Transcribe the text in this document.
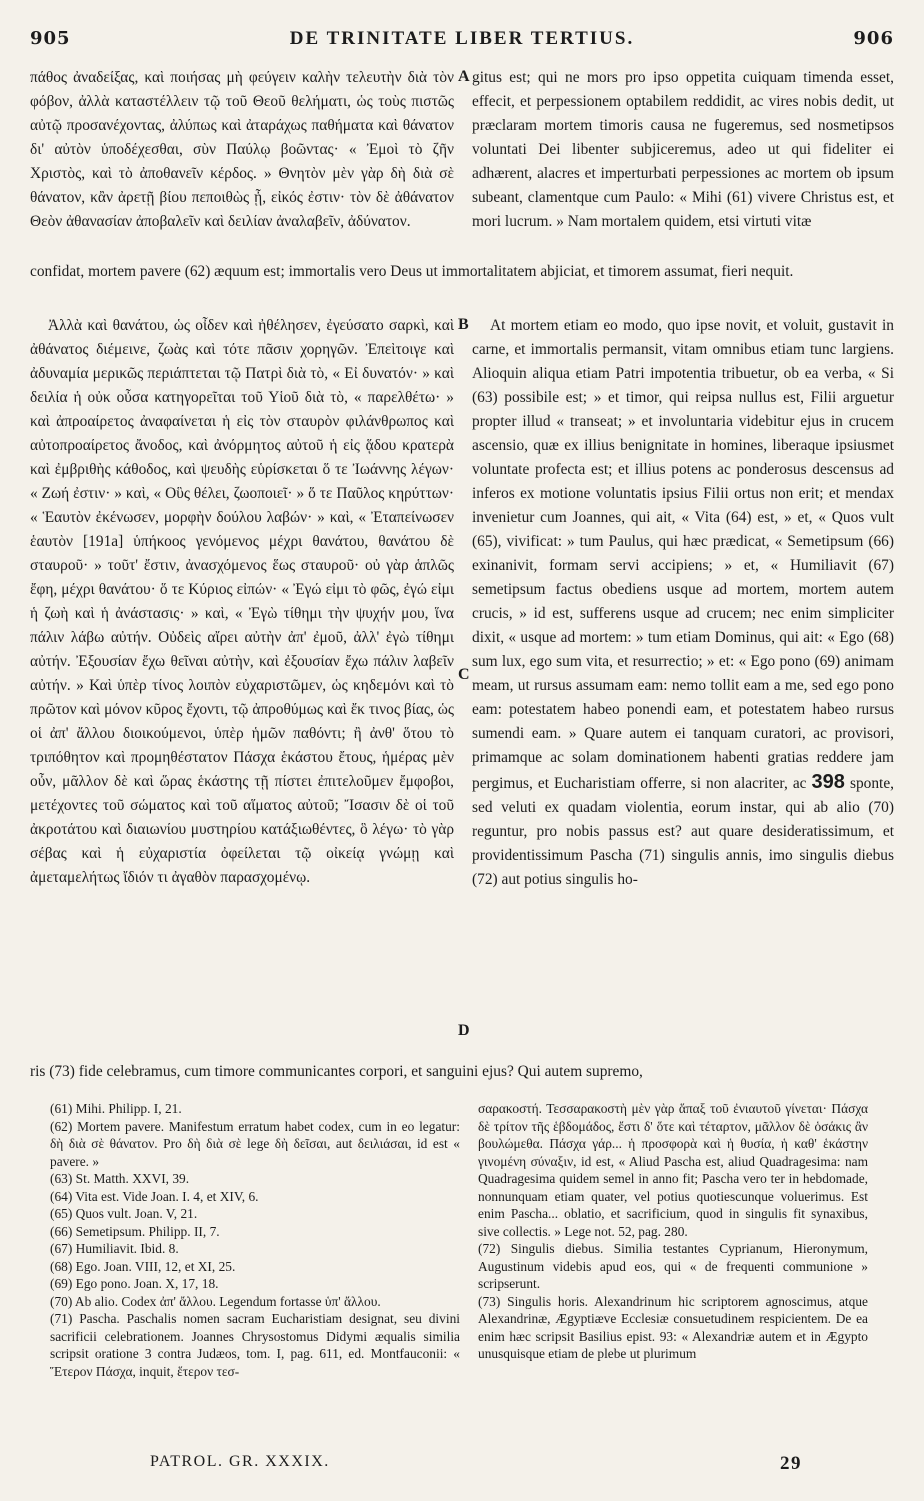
905	DE TRINITATE LIBER TERTIUS.	906

πάθος ἀναδείξας, καὶ ποιήσας μὴ φεύγειν καλὴν τελευτὴν διὰ τὸν φόβον, ἀλλὰ καταστέλλειν τῷ τοῦ Θεοῦ θελήματι, ὡς τοὺς πιστῶς αὐτῷ προσανέχοντας, ἀλύπως καὶ ἀταράχως παθήματα καὶ θάνατον δι' αὐτὸν ὑποδέχεσθαι, σὺν Παύλῳ βοῶντας· « Ἐμοὶ τὸ ζῆν Χριστὸς, καὶ τὸ ἀποθανεῖν κέρδος. » Θνητὸν μὲν γὰρ δὴ διὰ σὲ θάνατον, κἂν ἀρετῇ βίου πεποιθὼς ᾖ, εἰκός ἐστιν· τὸν δὲ ἀθάνατον Θεὸν ἀθανασίαν ἀποβαλεῖν καὶ δειλίαν ἀναλαβεῖν, ἀδύνατον.

gitus est; qui ne mors pro ipso oppetita cuiquam timenda esset, effecit, et perpessionem optabilem reddidit, ac vires nobis dedit, ut præclaram mortem timoris causa ne fugeremus, sed nosmetipsos voluntati Dei libenter subjiceremus, adeo ut qui fideliter ei adhærent, alacres et imperturbati perpessiones ac mortem ob ipsum subeant, clamentque cum Paulo: « Mihi (61) vivere Christus est, et mori lucrum. » Nam mortalem quidem, etsi virtuti vitæ

A

confidat, mortem pavere (62) æquum est; immortalis vero Deus ut immortalitatem abjiciat, et timorem assumat, fieri nequit.

Ἀλλὰ καὶ θανάτου, ὡς οἶδεν καὶ ἠθέλησεν, ἐγεύσατο σαρκὶ, καὶ ἀθάνατος διέμεινε, ζωὰς καὶ τότε πᾶσιν χορηγῶν. Ἐπεὶτοιγε καὶ ἀδυναμία μερικῶς περιάπτεται τῷ Πατρὶ διὰ τὸ, « Εἰ δυνατόν· » καὶ δειλία ἡ οὐκ οὖσα κατηγορεῖται τοῦ Υἱοῦ διὰ τὸ, « παρελθέτω· » καὶ ἀπροαίρετος ἀναφαίνεται ἡ εἰς τὸν σταυρὸν φιλάνθρωπος καὶ αὐτοπροαίρετος ἄνοδος, καὶ ἀνόρμητος αὐτοῦ ἡ εἰς ᾅδου κρατερὰ καὶ ἐμβριθὴς κάθοδος, καὶ ψευδὴς εὑρίσκεται ὅ τε Ἰωάννης λέγων· « Ζωή ἐστιν· » καὶ, « Οὓς θέλει, ζωοποιεῖ· » ὅ τε Παῦλος κηρύττων· « Ἑαυτὸν ἐκένωσεν, μορφὴν δούλου λαβών· » καὶ, « Ἐταπείνωσεν ἑαυτὸν [191a] ὑπήκοος γενόμενος μέχρι θανάτου, θανάτου δὲ σταυροῦ· » τοῦτ' ἔστιν, ἀνασχόμενος ἕως σταυροῦ· οὐ γὰρ ἁπλῶς ἔφη, μέχρι θανάτου· ὅ τε Κύριος εἰπών· « Ἐγώ εἰμι τὸ φῶς, ἐγώ εἰμι ἡ ζωὴ καὶ ἡ ἀνάστασις· » καὶ, « Ἐγὼ τίθημι τὴν ψυχήν μου, ἵνα πάλιν λάβω αὐτήν. Οὐδεὶς αἴρει αὐτὴν ἀπ' ἐμοῦ, ἀλλ' ἐγὼ τίθημι αὐτήν. Ἐξουσίαν ἔχω θεῖναι αὐτὴν, καὶ ἐξουσίαν ἔχω πάλιν λαβεῖν αὐτήν. » Καὶ ὑπὲρ τίνος λοιπὸν εὐχαριστῶμεν, ὡς κηδεμόνι καὶ τὸ πρῶτον καὶ μόνον κῦρος ἔχοντι, τῷ ἀπροθύμως καὶ ἔκ τινος βίας, ὡς οἱ ἀπ' ἄλλου διοικούμενοι, ὑπὲρ ἡμῶν παθόντι; ἢ ἀνθ' ὅτου τὸ τριπόθητον καὶ προμηθέστατον Πάσχα ἑκάστου ἔτους, ἡμέρας μὲν οὖν, μᾶλλον δὲ καὶ ὥρας ἑκάστης τῇ πίστει ἐπιτελοῦμεν ἔμφοβοι, μετέχοντες τοῦ σώματος καὶ τοῦ αἵματος αὐτοῦ; Ἴσασιν δὲ οἱ τοῦ ἀκροτάτου καὶ διαιωνίου μυστηρίου κατάξιωθέντες, ὃ λέγω· τὸ γὰρ σέβας καὶ ἡ εὐχαριστία ὀφείλεται τῷ οἰκείᾳ γνώμῃ καὶ ἀμεταμελήτως ἴδιόν τι ἀγαθὸν παρασχομένῳ.

At mortem etiam eo modo, quo ipse novit, et voluit, gustavit in carne, et immortalis permansit, vitam omnibus etiam tunc largiens. Alioquin aliqua etiam Patri impotentia tribuetur, ob ea verba, « Si (63) possibile est; » et timor, qui reipsa nullus est, Filii arguetur propter illud « transeat; » et involuntaria videbitur ejus in crucem ascensio, quæ ex illius benignitate in homines, liberaque ipsiusmet voluntate profecta est; et illius potens ac ponderosus descensus ad inferos ex motione voluntatis ipsius Filii ortus non erit; et mendax invenietur cum Joannes, qui ait, « Vita (64) est, » et, « Quos vult (65), vivificat: » tum Paulus, qui hæc prædicat, « Semetipsum (66) exinanivit, formam servi accipiens; » et, « Humiliavit (67) semetipsum factus obediens usque ad mortem, mortem autem crucis, » id est, sufferens usque ad crucem; nec enim simpliciter dixit, « usque ad mortem: » tum etiam Dominus, qui ait: « Ego (68) sum lux, ego sum vita, et resurrectio; » et: « Ego pono (69) animam meam, ut rursus assumam eam: nemo tollit eam a me, sed ego pono eam: potestatem habeo ponendi eam, et potestatem habeo rursus sumendi eam. » Quare autem ei tanquam curatori, ac provisori, primamque ac solam dominationem habenti gratias reddere jam pergimus, et Eucharistiam offerre, si non alacriter, ac 398 sponte, sed veluti ex quadam violentia, eorum instar, qui ab alio (70) reguntur, pro nobis passus est? aut quare desideratissimum, et providentissimum Pascha (71) singulis annis, imo singulis diebus (72) aut potius singulis ho-

B
C
D

ris (73) fide celebramus, cum timore communicantes corpori, et sanguini ejus? Qui autem supremo,

(61) Mihi. Philipp. I, 21.

(62) Mortem pavere. Manifestum erratum habet codex, cum in eo legatur: δὴ διὰ σὲ θάνατον. Pro δὴ διὰ σὲ lege δὴ δεῖσαι, aut δειλιάσαι, id est « pavere. »

(63) St. Matth. XXVI, 39.

(64) Vita est. Vide Joan. I. 4, et XIV, 6.

(65) Quos vult. Joan. V, 21.

(66) Semetipsum. Philipp. II, 7.

(67) Humiliavit. Ibid. 8.

(68) Ego. Joan. VIII, 12, et XI, 25.

(69) Ego pono. Joan. X, 17, 18.

(70) Ab alio. Codex ἀπ' ἄλλου. Legendum fortasse ὑπ' ἄλλου.

(71) Pascha. Paschalis nomen sacram Eucharistiam designat, seu divini sacrificii celebrationem. Joannes Chrysostomus Didymi æqualis similia scripsit oratione 3 contra Judæos, tom. I, pag. 611, ed. Montfauconii: « Ἕτερον Πάσχα, inquit, ἕτερον τεσ-

σαρακοστή. Τεσσαρακοστὴ μὲν γὰρ ἅπαξ τοῦ ἐνιαυτοῦ γίνεται· Πάσχα δὲ τρίτον τῆς ἑβδομάδος, ἔστι δ' ὅτε καὶ τέταρτον, μᾶλλον δὲ ὁσάκις ἂν βουλώμεθα. Πάσχα γάρ... ἡ προσφορὰ καὶ ἡ θυσία, ἡ καθ' ἑκάστην γινομένη σύναξιν, id est, « Aliud Pascha est, aliud Quadragesima: nam Quadragesima quidem semel in anno fit; Pascha vero ter in hebdomade, nonnunquam etiam quater, vel potius quotiescunque voluerimus. Est enim Pascha... oblatio, et sacrificium, quod in singulis fit synaxibus, sive collectis. » Lege not. 52, pag. 280.

(72) Singulis diebus. Similia testantes Cyprianum, Hieronymum, Augustinum videbis apud eos, qui « de frequenti communione » scripserunt.

(73) Singulis horis. Alexandrinum hic scriptorem agnoscimus, atque Alexandrinæ, Ægyptiæve Ecclesiæ consuetudinem respicientem. De ea enim hæc scripsit Basilius epist. 93: « Alexandriæ autem et in Ægypto unusquisque etiam de plebe ut plurimum

PATROL. GR. XXXIX.	29
